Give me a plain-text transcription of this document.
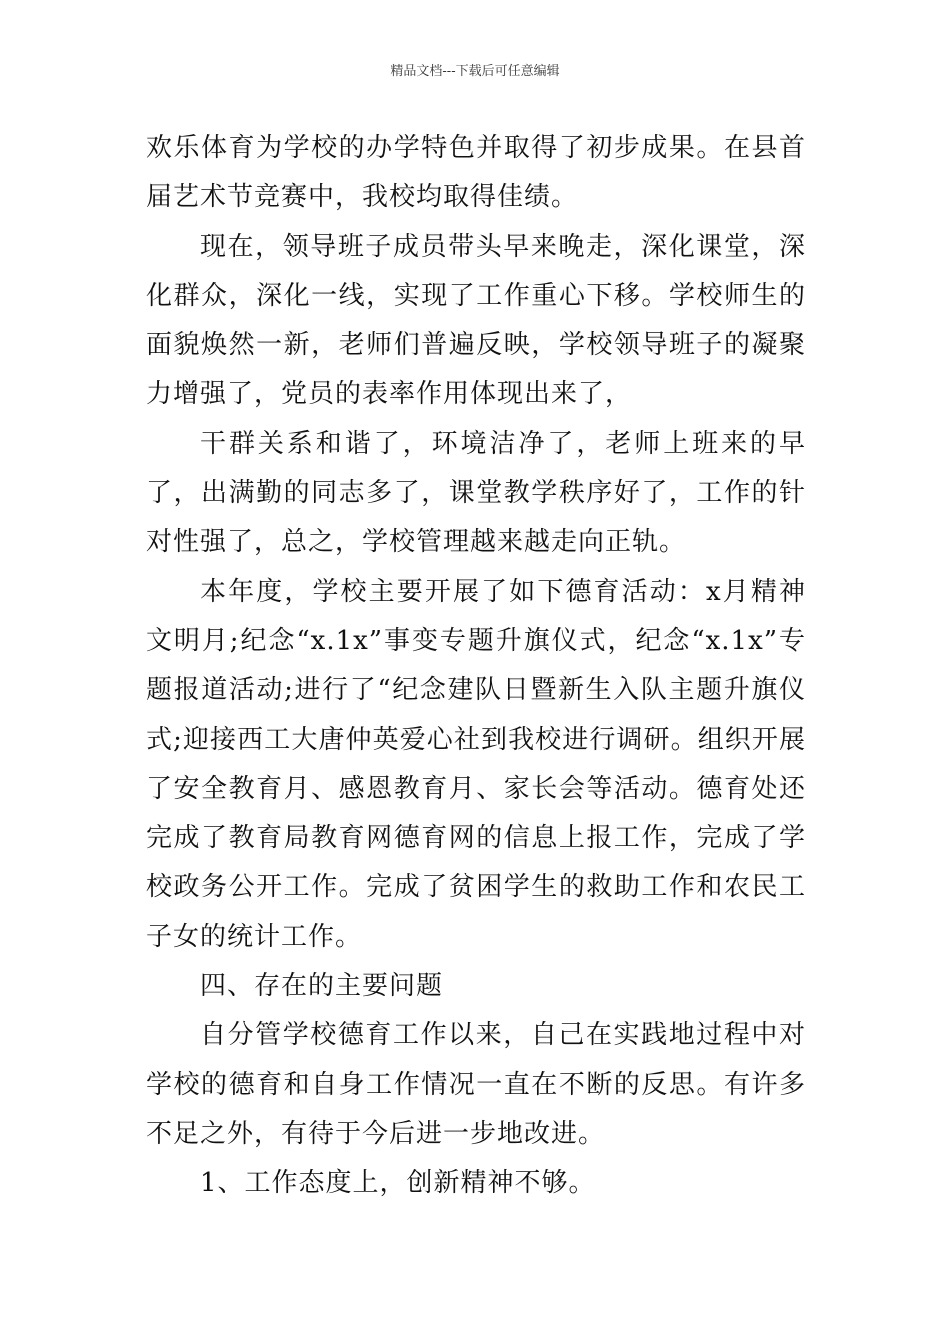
精品文档---下载后可任意编辑

欢乐体育为学校的办学特色并取得了初步成果。在县首届艺术节竞赛中，我校均取得佳绩。

现在，领导班子成员带头早来晚走，深化课堂，深化群众，深化一线，实现了工作重心下移。学校师生的面貌焕然一新，老师们普遍反映，学校领导班子的凝聚力增强了，党员的表率作用体现出来了，

干群关系和谐了，环境洁净了，老师上班来的早了，出满勤的同志多了，课堂教学秩序好了，工作的针对性强了，总之，学校管理越来越走向正轨。

本年度，学校主要开展了如下德育活动：x月精神文明月;纪念“x.1x”事变专题升旗仪式，纪念“x.1x”专题报道活动;进行了“纪念建队日暨新生入队主题升旗仪式;迎接西工大唐仲英爱心社到我校进行调研。组织开展了安全教育月、感恩教育月、家长会等活动。德育处还完成了教育局教育网德育网的信息上报工作，完成了学校政务公开工作。完成了贫困学生的救助工作和农民工子女的统计工作。

四、存在的主要问题

自分管学校德育工作以来，自己在实践地过程中对学校的德育和自身工作情况一直在不断的反思。有许多不足之外，有待于今后进一步地改进。

1、工作态度上，创新精神不够。
